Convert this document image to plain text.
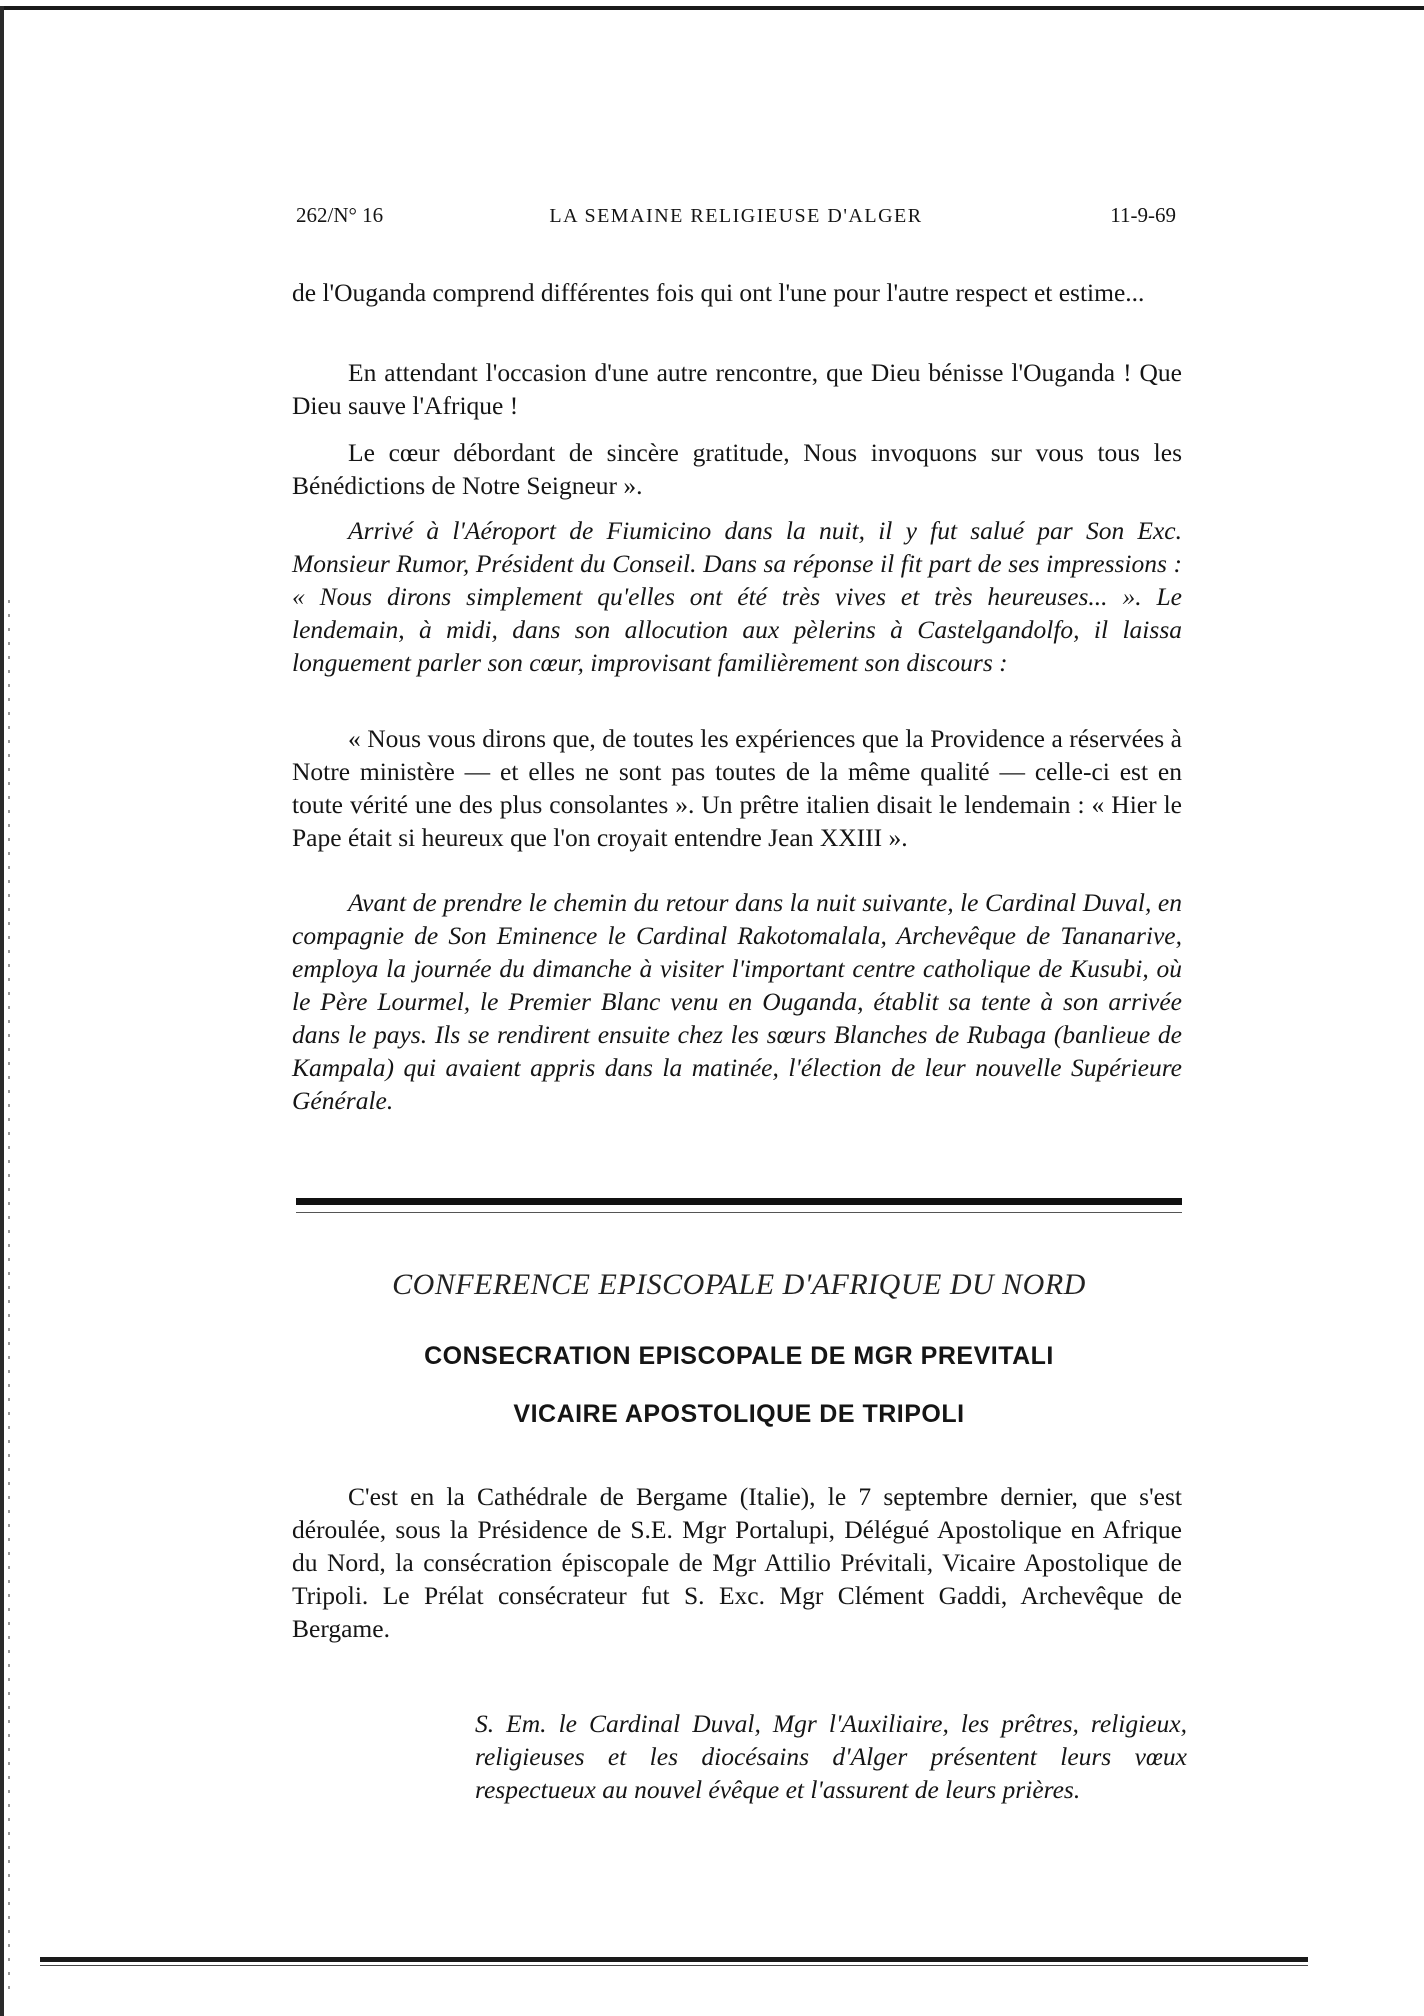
262/N° 16	LA SEMAINE RELIGIEUSE D'ALGER	11-9-69

de l'Ouganda comprend différentes fois qui ont l'une pour l'autre respect et estime...

En attendant l'occasion d'une autre rencontre, que Dieu bénisse l'Ouganda ! Que Dieu sauve l'Afrique !

Le cœur débordant de sincère gratitude, Nous invoquons sur vous tous les Bénédictions de Notre Seigneur ».

Arrivé à l'Aéroport de Fiumicino dans la nuit, il y fut salué par Son Exc. Monsieur Rumor, Président du Conseil. Dans sa réponse il fit part de ses impressions : « Nous dirons simplement qu'elles ont été très vives et très heureuses... ». Le lendemain, à midi, dans son allocution aux pèlerins à Castelgandolfo, il laissa longuement parler son cœur, improvisant familièrement son discours :

« Nous vous dirons que, de toutes les expériences que la Providence a réservées à Notre ministère — et elles ne sont pas toutes de la même qualité — celle-ci est en toute vérité une des plus consolantes ». Un prêtre italien disait le lendemain : « Hier le Pape était si heureux que l'on croyait entendre Jean XXIII ».

Avant de prendre le chemin du retour dans la nuit suivante, le Cardinal Duval, en compagnie de Son Eminence le Cardinal Rakotomalala, Archevêque de Tananarive, employa la journée du dimanche à visiter l'important centre catholique de Kusubi, où le Père Lourmel, le Premier Blanc venu en Ouganda, établit sa tente à son arrivée dans le pays. Ils se rendirent ensuite chez les sœurs Blanches de Rubaga (banlieue de Kampala) qui avaient appris dans la matinée, l'élection de leur nouvelle Supérieure Générale.

CONFERENCE EPISCOPALE D'AFRIQUE DU NORD
CONSECRATION EPISCOPALE DE MGR PREVITALI
VICAIRE APOSTOLIQUE DE TRIPOLI

C'est en la Cathédrale de Bergame (Italie), le 7 septembre dernier, que s'est déroulée, sous la Présidence de S.E. Mgr Portalupi, Délégué Apostolique en Afrique du Nord, la consécration épiscopale de Mgr Attilio Prévitali, Vicaire Apostolique de Tripoli. Le Prélat consécrateur fut S. Exc. Mgr Clément Gaddi, Archevêque de Bergame.

S. Em. le Cardinal Duval, Mgr l'Auxiliaire, les prêtres, religieux, religieuses et les diocésains d'Alger présentent leurs vœux respectueux au nouvel évêque et l'assurent de leurs prières.
